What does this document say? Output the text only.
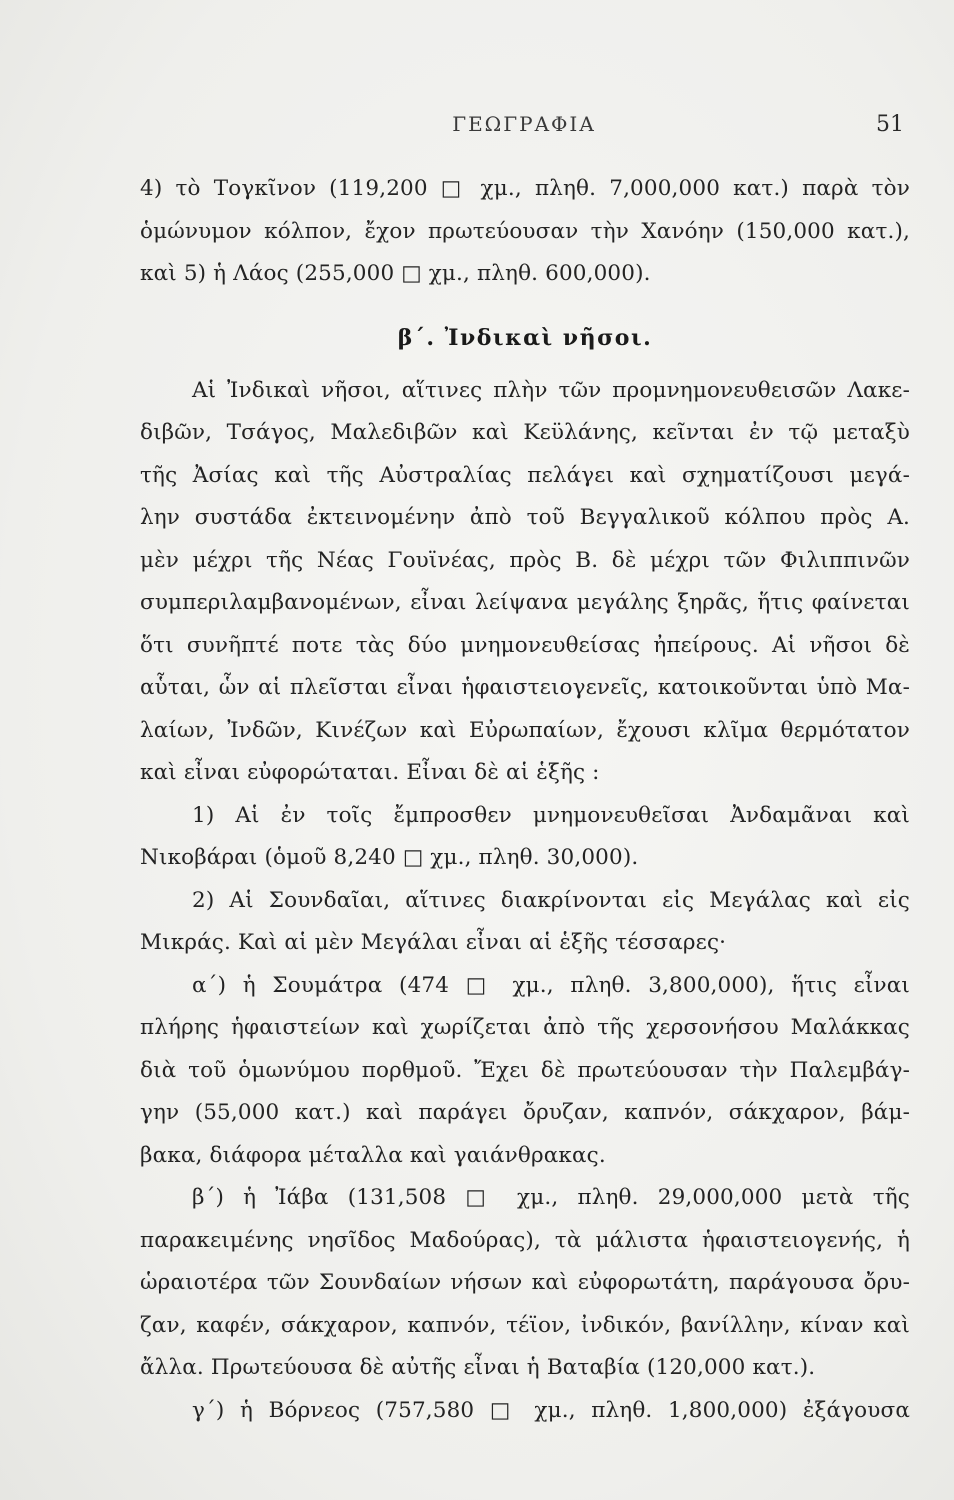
ΓΕΩΓΡΑΦΙΑ	51
4) τὸ Τογκῖνον (119,200 □ χμ., πληθ. 7,000,000 κατ.) παρὰ τὸν
ὁμώνυμον κόλπον, ἔχον πρωτεύουσαν τὴν Χανόην (150,000 κατ.),
καὶ 5) ἡ Λάος (255,000 □ χμ., πληθ. 600,000).
β΄. Ἰνδικαὶ νῆσοι.
Αἱ Ἰνδικαὶ νῆσοι, αἵτινες πλὴν τῶν προμνημονευθεισῶν Λακε-
διβῶν, Τσάγος, Μαλεδιβῶν καὶ Κεϋλάνης, κεῖνται ἐν τῷ μεταξὺ
τῆς Ἀσίας καὶ τῆς Αὐστραλίας πελάγει καὶ σχηματίζουσι μεγά-
λην συστάδα ἐκτεινομένην ἀπὸ τοῦ Βεγγαλικοῦ κόλπου πρὸς Α.
μὲν μέχρι τῆς Νέας Γουϊνέας, πρὸς Β. δὲ μέχρι τῶν Φιλιππινῶν
συμπεριλαμβανομένων, εἶναι λείψανα μεγάλης ξηρᾶς, ἥτις φαίνεται
ὅτι συνῆπτέ ποτε τὰς δύο μνημονευθείσας ἠπείρους. Αἱ νῆσοι δὲ
αὗται, ὧν αἱ πλεῖσται εἶναι ἡφαιστειογενεῖς, κατοικοῦνται ὑπὸ Μα-
λαίων, Ἰνδῶν, Κινέζων καὶ Εὐρωπαίων, ἔχουσι κλῖμα θερμότατον
καὶ εἶναι εὐφορώταται. Εἶναι δὲ αἱ ἑξῆς :
1) Αἱ ἐν τοῖς ἔμπροσθεν μνημονευθεῖσαι Ἀνδαμᾶναι καὶ
Νικοβάραι (ὁμοῦ 8,240 □ χμ., πληθ. 30,000).
2) Αἱ Σουνδαῖαι, αἵτινες διακρίνονται εἰς Μεγάλας καὶ εἰς
Μικράς. Καὶ αἱ μὲν Μεγάλαι εἶναι αἱ ἑξῆς τέσσαρες·
α΄) ἡ Σουμάτρα (474 □ χμ., πληθ. 3,800,000), ἥτις εἶναι
πλήρης ἡφαιστείων καὶ χωρίζεται ἀπὸ τῆς χερσονήσου Μαλάκκας
διὰ τοῦ ὁμωνύμου πορθμοῦ. Ἔχει δὲ πρωτεύουσαν τὴν Παλεμβάγ-
γην (55,000 κατ.) καὶ παράγει ὄρυζαν, καπνόν, σάκχαρον, βάμ-
βακα, διάφορα μέταλλα καὶ γαιάνθρακας.
β΄) ἡ Ἰάβα (131,508 □ χμ., πληθ. 29,000,000 μετὰ τῆς
παρακειμένης νησῖδος Μαδούρας), τὰ μάλιστα ἡφαιστειογενής, ἡ
ὡραιοτέρα τῶν Σουνδαίων νήσων καὶ εὐφορωτάτη, παράγουσα ὄρυ-
ζαν, καφέν, σάκχαρον, καπνόν, τέϊον, ἰνδικόν, βανίλλην, κίναν καὶ
ἄλλα. Πρωτεύουσα δὲ αὐτῆς εἶναι ἡ Βαταβία (120,000 κατ.).
γ΄) ἡ Βόρνεος (757,580 □ χμ., πληθ. 1,800,000) ἐξάγουσα
